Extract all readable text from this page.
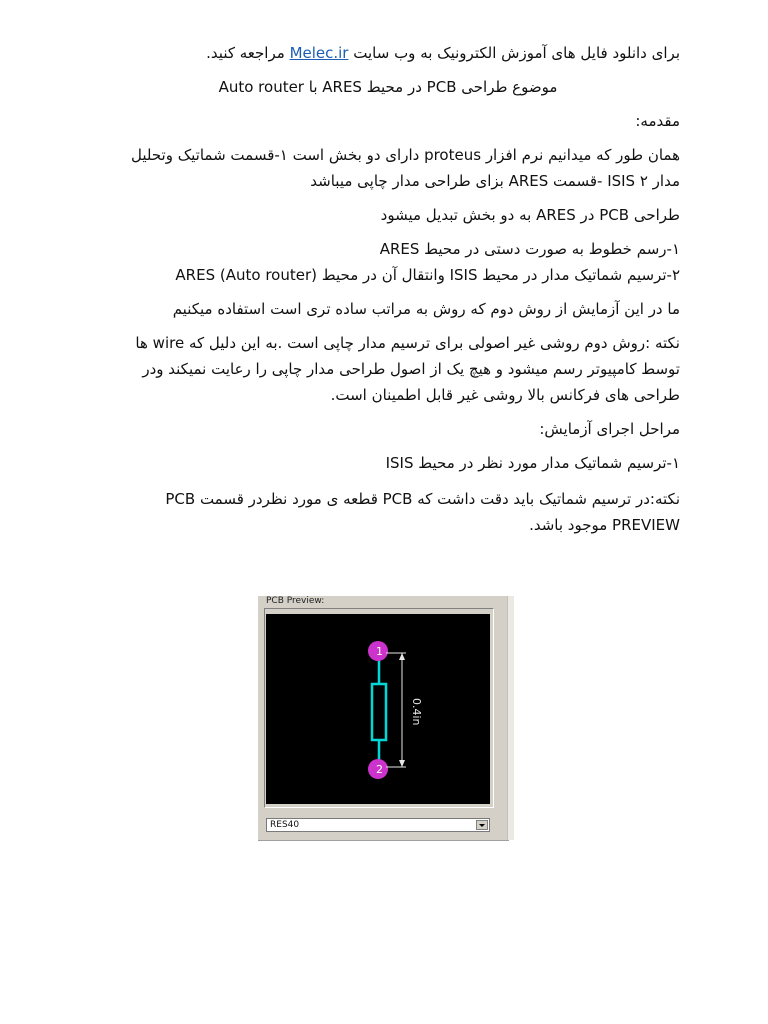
برای دانلود فایل های آموزش الکترونیک به وب سایت Melec.ir مراجعه کنید.

موضوع طراحی PCB در محیط ARES با Auto router

مقدمه:

همان طور که میدانیم نرم افزار proteus دارای دو بخش است ۱-قسمت شماتیک وتحلیل

مدار ISIS ۲ -قسمت ARES بزای طراحی مدار چاپی میباشد

طراحی PCB در ARES به دو بخش تبدیل میشود

۱-رسم خطوط به صورت دستی در محیط ARES

۲-ترسیم شماتیک مدار در محیط ISIS وانتقال آن در محیط ARES (Auto router)

ما در این آزمایش از روش دوم که روش به مراتب ساده تری است استفاده میکنیم

نکته :روش دوم روشی غیر اصولی برای ترسیم مدار چاپی است .به این دلیل که wire ها

توسط کامپیوتر رسم میشود و هیچ یک از اصول طراحی مدار چاپی را رعایت نمیکند ودر

طراحی های فرکانس بالا روشی غیر قابل اطمینان است.

مراحل اجرای آزمایش:

۱-ترسیم شماتیک مدار مورد نظر در محیط ISIS

نکته:در ترسیم شماتیک باید دقت داشت که PCB قطعه ی مورد نظردر قسمت PCB

PREVIEW موجود باشد.

PCB Preview:
1
2
0.4in
RES40
